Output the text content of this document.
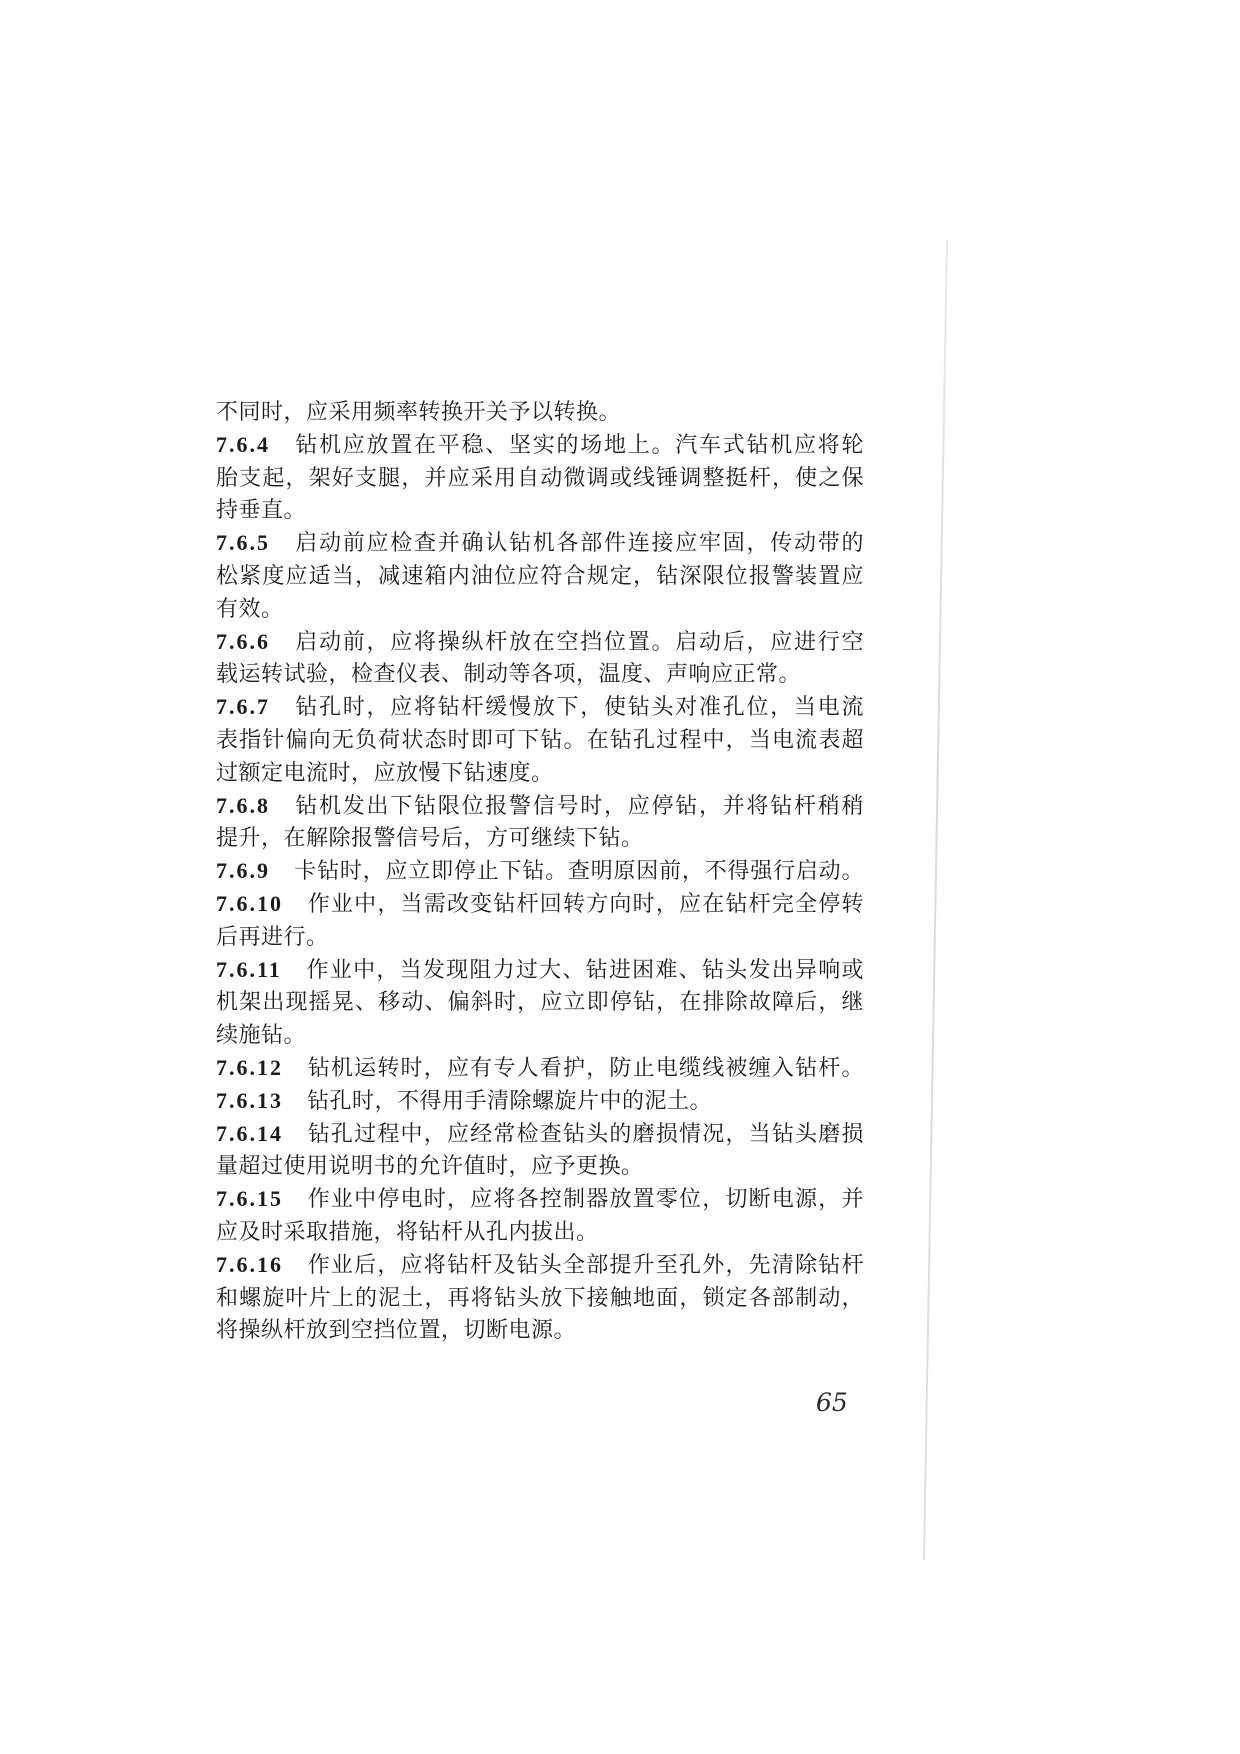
不同时，应采用频率转换开关予以转换。
7.6.4 钻机应放置在平稳、坚实的场地上。汽车式钻机应将轮
胎支起，架好支腿，并应采用自动微调或线锤调整挺杆，使之保
持垂直。
7.6.5 启动前应检查并确认钻机各部件连接应牢固，传动带的
松紧度应适当，减速箱内油位应符合规定，钻深限位报警装置应
有效。
7.6.6 启动前，应将操纵杆放在空挡位置。启动后，应进行空
载运转试验，检查仪表、制动等各项，温度、声响应正常。
7.6.7 钻孔时，应将钻杆缓慢放下，使钻头对准孔位，当电流
表指针偏向无负荷状态时即可下钻。在钻孔过程中，当电流表超
过额定电流时，应放慢下钻速度。
7.6.8 钻机发出下钻限位报警信号时，应停钻，并将钻杆稍稍
提升，在解除报警信号后，方可继续下钻。
7.6.9 卡钻时，应立即停止下钻。查明原因前，不得强行启动。
7.6.10 作业中，当需改变钻杆回转方向时，应在钻杆完全停转
后再进行。
7.6.11 作业中，当发现阻力过大、钻进困难、钻头发出异响或
机架出现摇晃、移动、偏斜时，应立即停钻，在排除故障后，继
续施钻。
7.6.12 钻机运转时，应有专人看护，防止电缆线被缠入钻杆。
7.6.13 钻孔时，不得用手清除螺旋片中的泥土。
7.6.14 钻孔过程中，应经常检查钻头的磨损情况，当钻头磨损
量超过使用说明书的允许值时，应予更换。
7.6.15 作业中停电时，应将各控制器放置零位，切断电源，并
应及时采取措施，将钻杆从孔内拔出。
7.6.16 作业后，应将钻杆及钻头全部提升至孔外，先清除钻杆
和螺旋叶片上的泥土，再将钻头放下接触地面，锁定各部制动，
将操纵杆放到空挡位置，切断电源。
65
